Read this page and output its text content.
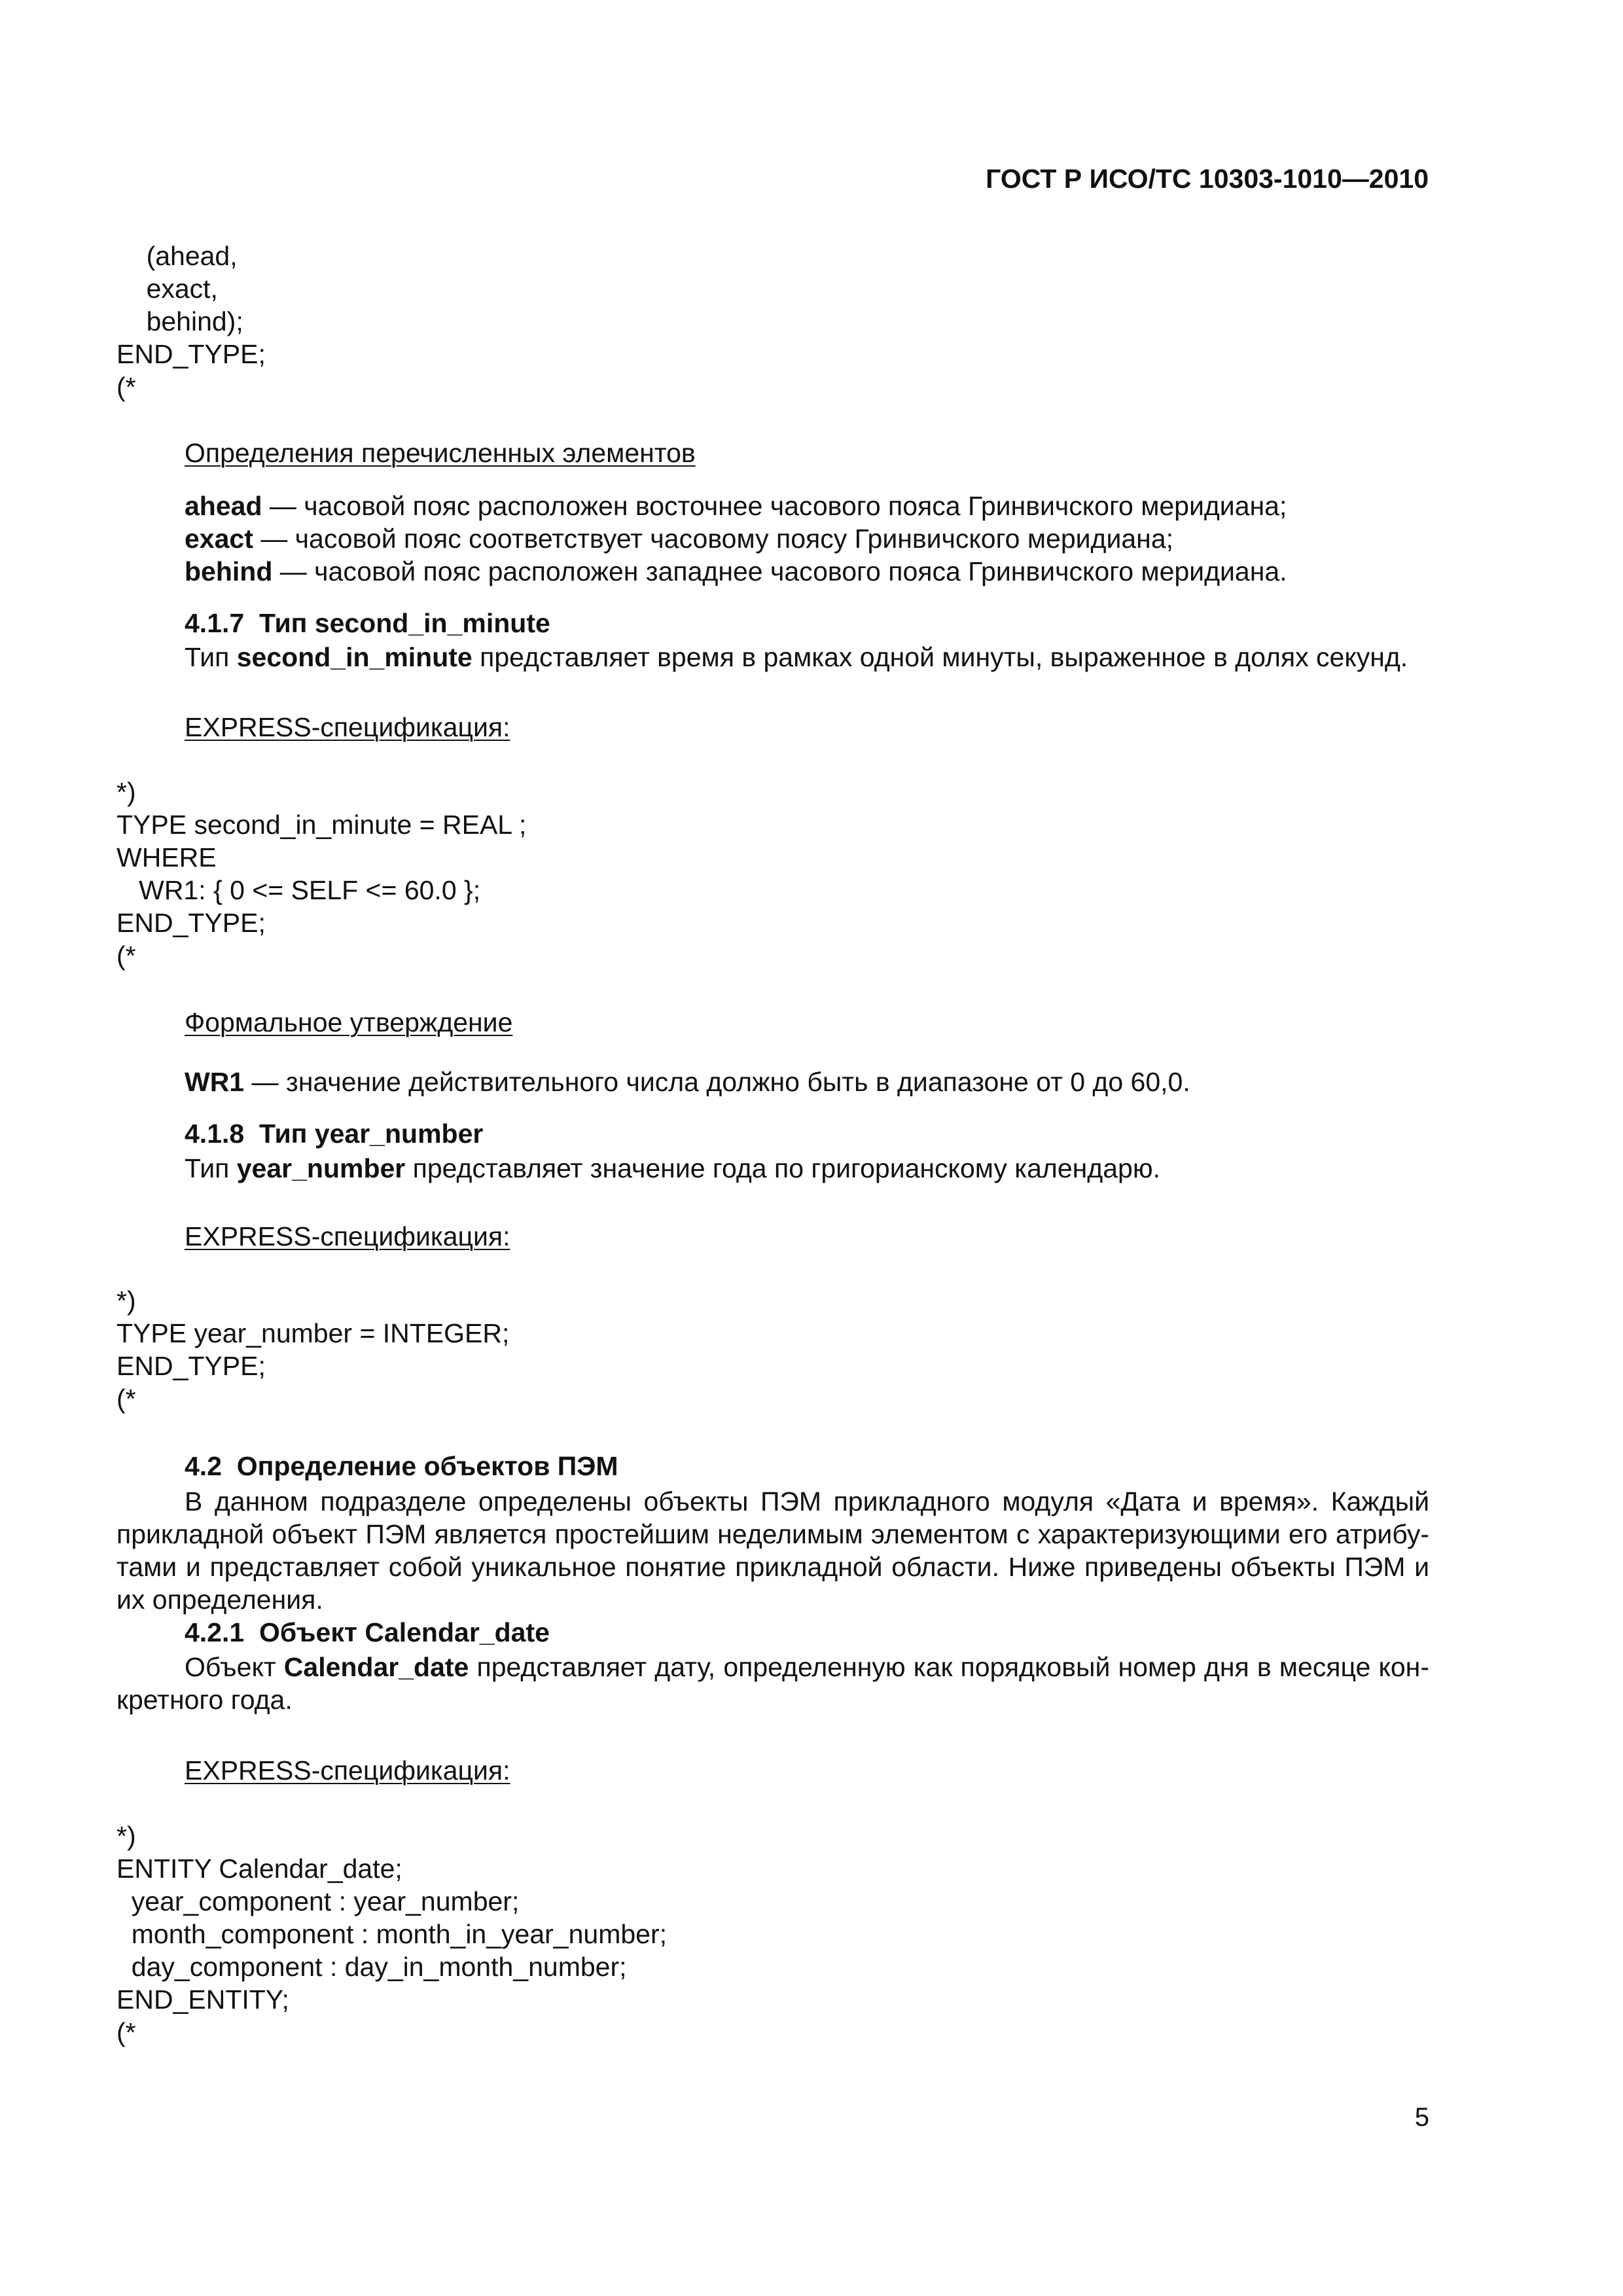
ГОСТ Р ИСО/ТС 10303-1010—2010
(ahead,
exact,
behind);
END_TYPE;
(*
Определения перечисленных элементов
ahead — часовой пояс расположен восточнее часового пояса Гринвичского меридиана;
exact — часовой пояс соответствует часовому поясу Гринвичского меридиана;
behind — часовой пояс расположен западнее часового пояса Гринвичского меридиана.
4.1.7  Тип second_in_minute
Тип second_in_minute представляет время в рамках одной минуты, выраженное в долях секунд.
EXPRESS-спецификация:
*)
TYPE second_in_minute = REAL ;
WHERE
WR1: { 0 <= SELF <= 60.0 };
END_TYPE;
(*
Формальное утверждение
WR1 — значение действительного числа должно быть в диапазоне от 0 до 60,0.
4.1.8  Тип year_number
Тип year_number представляет значение года по григорианскому календарю.
EXPRESS-спецификация:
*)
TYPE year_number = INTEGER;
END_TYPE;
(*
4.2  Определение объектов ПЭМ
В данном подразделе определены объекты ПЭМ прикладного модуля «Дата и время». Каждый
прикладной объект ПЭМ является простейшим неделимым элементом с характеризующими его атрибу-
тами и представляет собой уникальное понятие прикладной области. Ниже приведены объекты ПЭМ и
их определения.
4.2.1  Объект Calendar_date
Объект Calendar_date представляет дату, определенную как порядковый номер дня в месяце кон-
кретного года.
EXPRESS-спецификация:
*)
ENTITY Calendar_date;
year_component : year_number;
month_component : month_in_year_number;
day_component : day_in_month_number;
END_ENTITY;
(*
5
